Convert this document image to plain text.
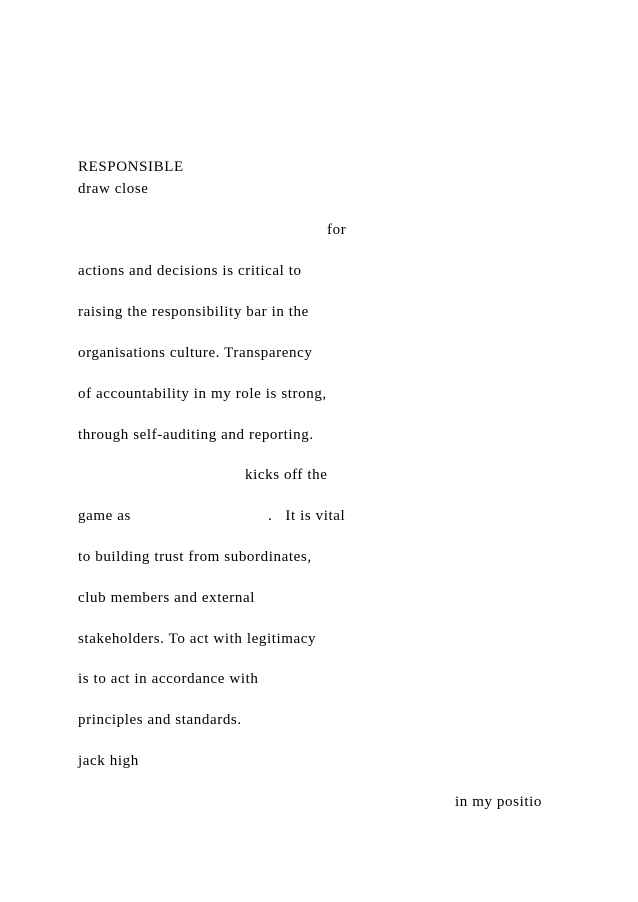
RESPONSIBLE
draw close
for
actions and decisions is critical to
raising the responsibility bar in the
organisations culture. Transparency
of accountability in my role is strong,
through self-auditing and reporting.
kicks off the
game as	.   It is vital
to building trust from subordinates,
club members and external
stakeholders. To act with legitimacy
is to act in accordance with
principles and standards.
jack high
in my positio
